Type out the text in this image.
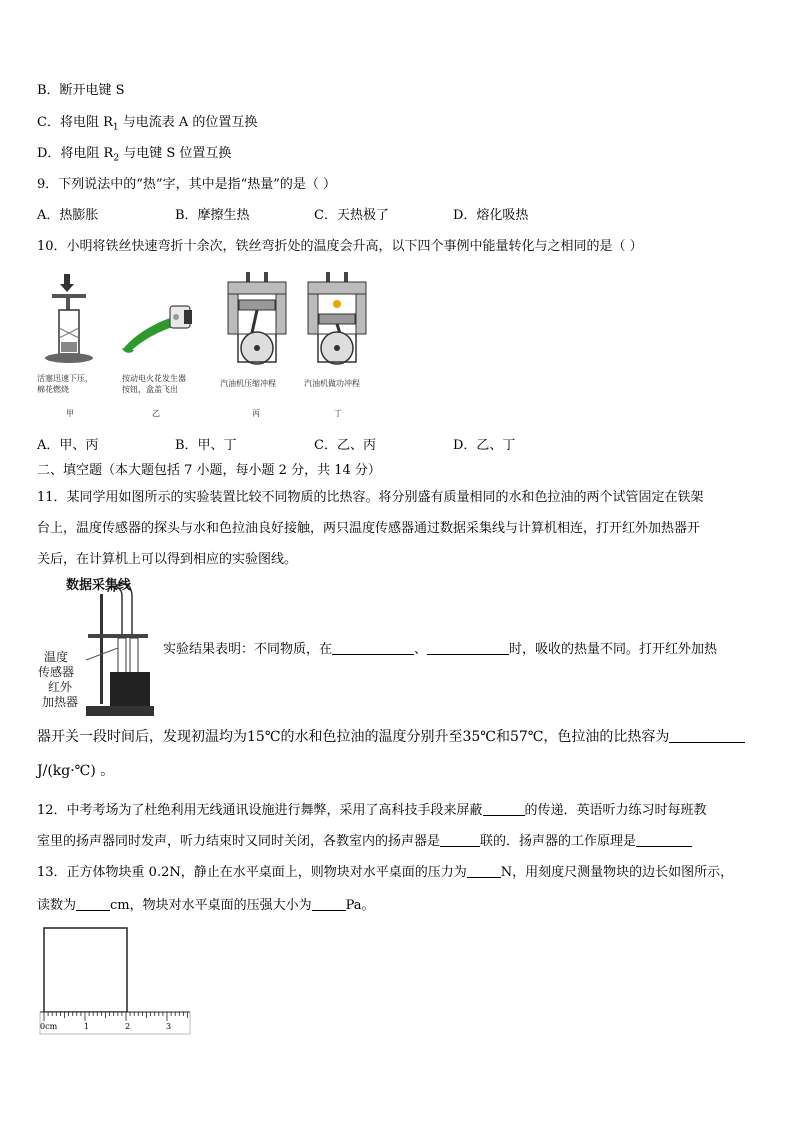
B．断开电键 S
C．将电阻 $R_1$ 与电流表 A 的位置互换
D．将电阻 $R_2$ 与电键 S 位置互换
9．下列说法中的“热”字，其中是指“热量”的是（ ）
A．热膨胀	B．摩擦生热	C．天热极了	D．熔化吸热
10．小明将铁丝快速弯折十余次，铁丝弯折处的温度会升高，以下四个事例中能量转化与之相同的是（ ）
活塞迅速下压，
棉花燃烧
甲
按动电火花发生器
按钮，盒盖飞出
乙
汽油机压缩冲程
丙
汽油机做功冲程
丁
A．甲、丙	B．甲、丁	C．乙、丙	D．乙、丁
二、填空题（本大题包括 7 小题，每小题 2 分，共 14 分）
11．某同学用如图所示的实验装置比较不同物质的比热容。将分别盛有质量相同的水和色拉油的两个试管固定在铁架
台上，温度传感器的探头与水和色拉油良好接触，两只温度传感器通过数据采集线与计算机相连，打开红外加热器开
关后，在计算机上可以得到相应的实验图线。
数据采集线
温度
传感器
红外
加热器
实验结果表明：不同物质，在	、	时，吸收的热量不同。打开红外加热
器开关一段时间后，发现初温均为15℃的水和色拉油的温度分别升至35℃和57℃，色拉油的比热容为
J/(kg·℃) 。
12．中考考场为了杜绝利用无线通讯设施进行舞弊，采用了高科技手段来屏蔽	的传递．英语听力练习时每班教
室里的扬声器同时发声，听力结束时又同时关闭，各教室内的扬声器是	联的．扬声器的工作原理是
13．正方体物块重 0.2N，静止在水平桌面上，则物块对水平桌面的压力为	N，用刻度尺测量物块的边长如图所示，
读数为	cm，物块对水平桌面的压强大小为	Pa。
0cm	1	2	3
